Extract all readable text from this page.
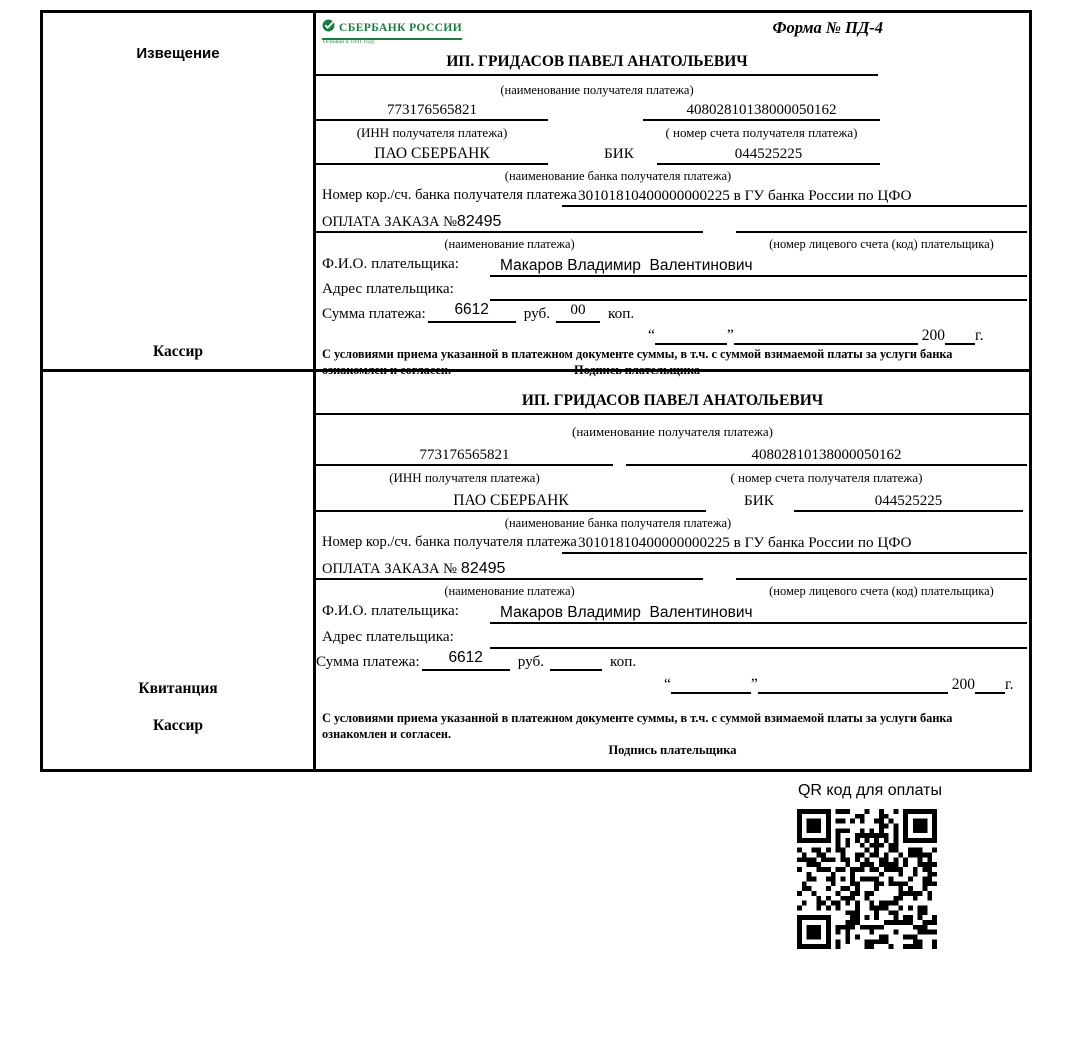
Извещение
Кассир
СБЕРБАНК РОССИИ
Основан в 1841 году
Форма № ПД-4
ИП. ГРИДАСОВ ПАВЕЛ АНАТОЛЬЕВИЧ
(наименование получателя платежа)
773176565821	40802810138000050162
(ИНН получателя платежа)	( номер счета получателя платежа)
ПАО СБЕРБАНК	БИК	044525225
(наименование банка получателя платежа)
Номер кор./сч. банка получателя платежа 30101810400000000225 в ГУ банка России по ЦФО
ОПЛАТА ЗАКАЗА № 82495
(наименование платежа)	(номер лицевого счета (код) плательщика)
Ф.И.О. плательщика:	Макаров Владимир  Валентинович
Адрес плательщика:
Сумма платежа:	6612	руб.	00	коп.
“	”	200 г.
С условиями приема указанной в платежном документе суммы, в т.ч. с суммой взимаемой платы за услуги банка
ознакомлен и согласен.	Подпись плательщика
Квитанция
Кассир
ИП. ГРИДАСОВ ПАВЕЛ АНАТОЛЬЕВИЧ
(наименование получателя платежа)
773176565821	40802810138000050162
(ИНН получателя платежа)	( номер счета получателя платежа)
ПАО СБЕРБАНК	БИК	044525225
(наименование банка получателя платежа)
Номер кор./сч. банка получателя платежа 30101810400000000225 в ГУ банка России по ЦФО
ОПЛАТА ЗАКАЗА № 82495
(наименование платежа)	(номер лицевого счета (код) плательщика)
Ф.И.О. плательщика:	Макаров Владимир  Валентинович
Адрес плательщика:
Сумма платежа:	6612	руб.	коп.
“	”	200 г.
С условиями приема указанной в платежном документе суммы, в т.ч. с суммой взимаемой платы за услуги банка
ознакомлен и согласен.
Подпись плательщика
QR код для оплаты
